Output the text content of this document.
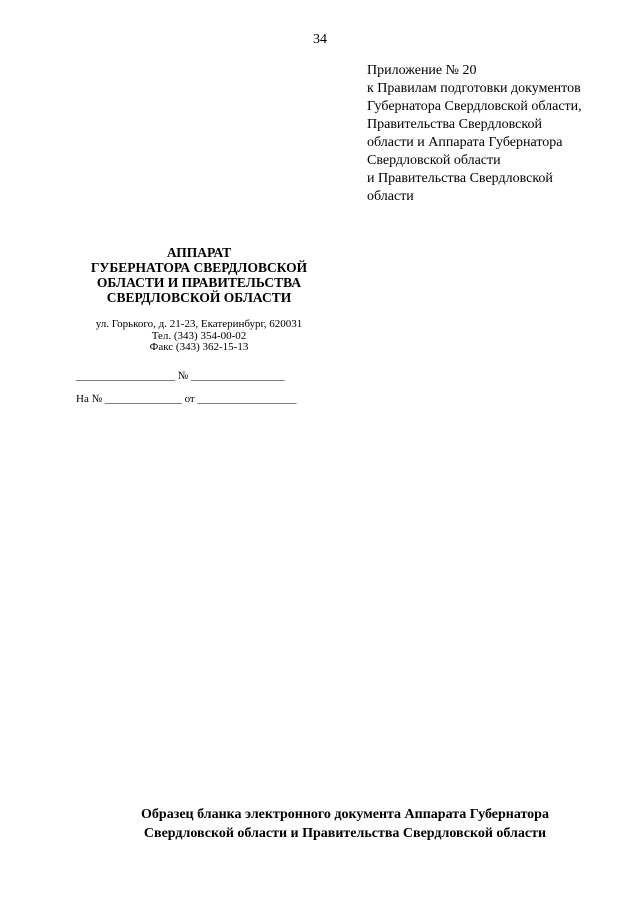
34
Приложение № 20
к Правилам подготовки документов
Губернатора Свердловской области,
Правительства Свердловской
области и Аппарата Губернатора
Свердловской области
и Правительства Свердловской
области
АППАРАТ
ГУБЕРНАТОРА СВЕРДЛОВСКОЙ
ОБЛАСТИ И ПРАВИТЕЛЬСТВА
СВЕРДЛОВСКОЙ ОБЛАСТИ
ул. Горького, д. 21-23, Екатеринбург, 620031
Тел. (343) 354-00-02
Факс (343) 362-15-13
__________________ № _________________
На № ______________ от __________________
Образец бланка электронного документа Аппарата Губернатора
Свердловской области и Правительства Свердловской области
